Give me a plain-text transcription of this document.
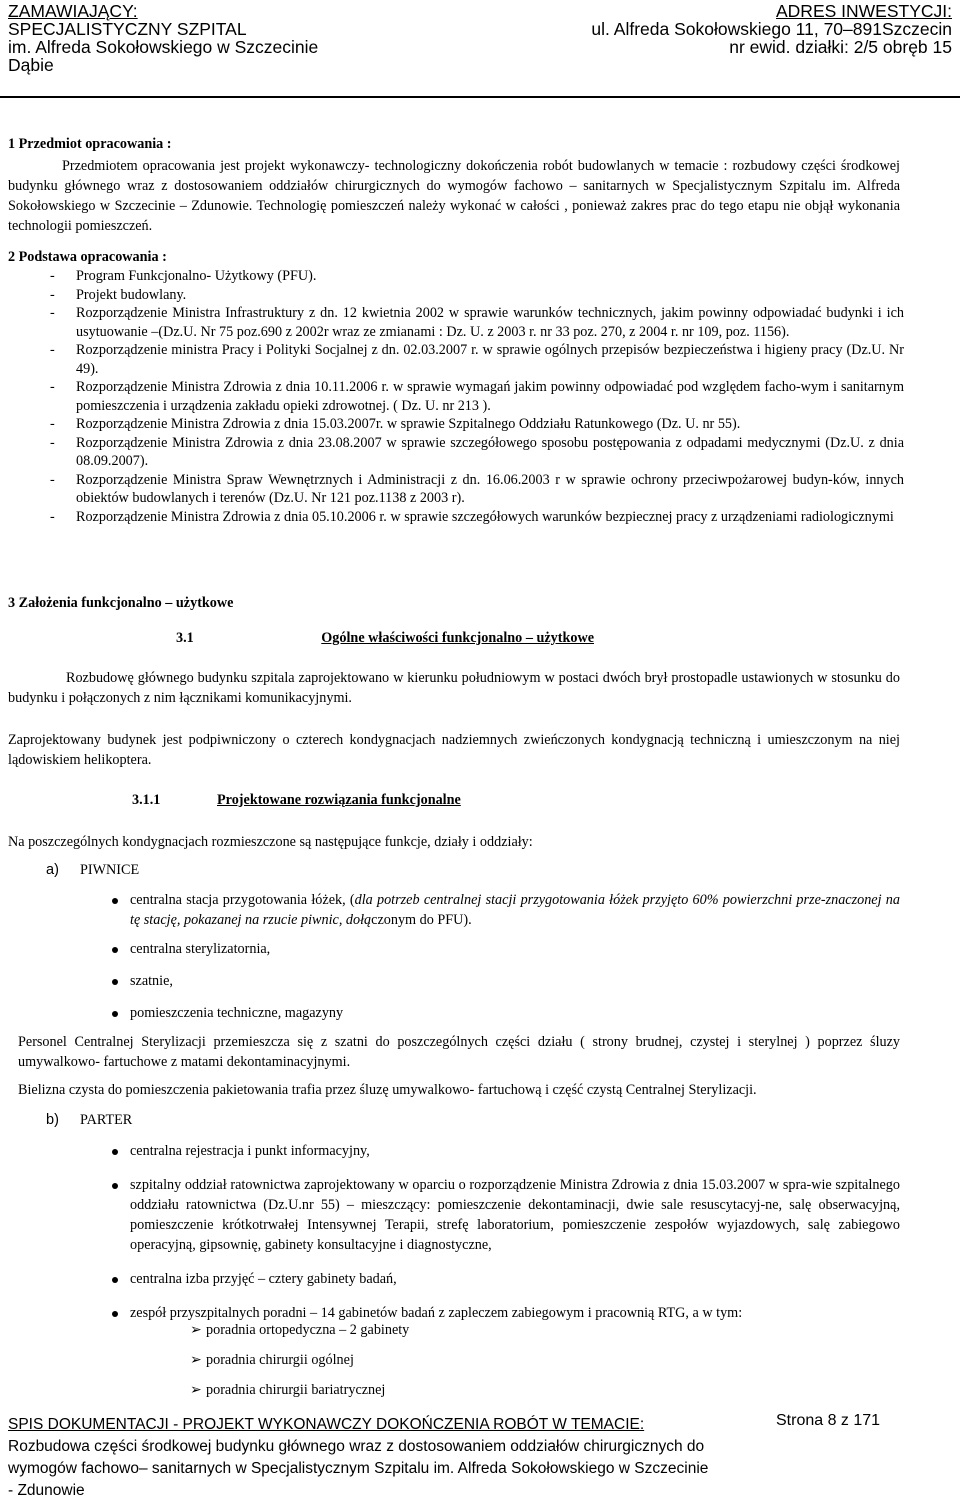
ZAMAWIAJĄCY:
SPECJALISTYCZNY SZPITAL
im. Alfreda Sokołowskiego w Szczecinie
Dąbie
ADRES INWESTYCJI:
ul. Alfreda Sokołowskiego 11, 70–891Szczecin
nr ewid. działki: 2/5 obręb 15
1 Przedmiot opracowania :
Przedmiotem opracowania jest projekt wykonawczy- technologiczny dokończenia robót budowlanych w temacie : rozbudowy części środkowej budynku głównego wraz z dostosowaniem oddziałów chirurgicznych do wymogów fachowo – sanitarnych w Specjalistycznym Szpitalu im. Alfreda Sokołowskiego w Szczecinie – Zdunowie. Technologię pomieszczeń należy wykonać w całości , ponieważ zakres prac do tego etapu nie objął wykonania technologii pomieszczeń.
2 Podstawa opracowania :
- Program Funkcjonalno- Użytkowy (PFU).
- Projekt budowlany.
- Rozporządzenie Ministra Infrastruktury z dn. 12 kwietnia 2002 w sprawie warunków technicznych, jakim powinny odpowiadać budynki i ich usytuowanie –(Dz.U. Nr 75 poz.690 z 2002r wraz ze zmianami : Dz. U. z 2003 r. nr 33 poz. 270, z 2004 r. nr 109, poz. 1156).
- Rozporządzenie ministra Pracy i Polityki Socjalnej z dn. 02.03.2007 r. w sprawie ogólnych przepisów bezpieczeństwa i higieny pracy (Dz.U. Nr 49).
- Rozporządzenie Ministra Zdrowia z dnia 10.11.2006 r. w sprawie wymagań jakim powinny odpowiadać pod względem facho-wym i sanitarnym pomieszczenia i urządzenia zakładu opieki zdrowotnej. ( Dz. U. nr 213 ).
- Rozporządzenie Ministra Zdrowia z dnia 15.03.2007r. w sprawie Szpitalnego Oddziału Ratunkowego (Dz. U. nr 55).
- Rozporządzenie Ministra Zdrowia z dnia 23.08.2007 w sprawie szczegółowego sposobu postępowania z odpadami medycznymi (Dz.U. z dnia 08.09.2007).
- Rozporządzenie Ministra Spraw Wewnętrznych i Administracji z dn. 16.06.2003 r w sprawie ochrony przeciwpożarowej budyn-ków, innych obiektów budowlanych i terenów (Dz.U. Nr 121 poz.1138 z 2003 r).
- Rozporządzenie Ministra Zdrowia z dnia 05.10.2006 r. w sprawie szczegółowych warunków bezpiecznej pracy z urządzeniami radiologicznymi
3 Założenia funkcjonalno – użytkowe
3.1	Ogólne właściwości funkcjonalno – użytkowe
Rozbudowę głównego budynku szpitala zaprojektowano w kierunku południowym w postaci dwóch brył prostopadle ustawionych w stosunku do budynku i połączonych z nim łącznikami komunikacyjnymi.
Zaprojektowany budynek jest podpiwniczony o czterech kondygnacjach nadziemnych zwieńczonych kondygnacją techniczną i umieszczonym na niej lądowiskiem helikoptera.
3.1.1	Projektowane rozwiązania funkcjonalne
Na poszczególnych kondygnacjach rozmieszczone są następujące funkcje, działy i oddziały:
a) PIWNICE
centralna stacja przygotowania łóżek, (dla potrzeb centralnej stacji przygotowania łóżek przyjęto 60% powierzchni prze-znaczonej na tę stację, pokazanej na rzucie piwnic, dołączonym do PFU).
centralna sterylizatornia,
szatnie,
pomieszczenia techniczne, magazyny
Personel Centralnej Sterylizacji przemieszcza się z szatni do poszczególnych części działu ( strony brudnej, czystej i sterylnej ) poprzez śluzy umywalkowo- fartuchowe z matami dekontaminacyjnymi.
Bielizna czysta do pomieszczenia pakietowania trafia przez śluzę umywalkowo- fartuchową i część czystą Centralnej Sterylizacji.
b) PARTER
centralna rejestracja i punkt informacyjny,
szpitalny oddział ratownictwa zaprojektowany w oparciu o rozporządzenie Ministra Zdrowia z dnia 15.03.2007 w spra-wie szpitalnego oddziału ratownictwa (Dz.U.nr 55) – mieszczący: pomieszczenie dekontaminacji, dwie sale resuscytacyj-ne, salę obserwacyjną, pomieszczenie krótkotrwałej Intensywnej Terapii, strefę laboratorium, pomieszczenie zespołów wyjazdowych, salę zabiegowo operacyjną, gipsownię, gabinety konsultacyjne i diagnostyczne,
centralna izba przyjęć – cztery gabinety badań,
zespół przyszpitalnych poradni – 14 gabinetów badań z zapleczem zabiegowym i pracownią RTG, a w tym:
➢ poradnia ortopedyczna – 2 gabinety
➢ poradnia chirurgii ogólnej
➢ poradnia chirurgii bariatrycznej
SPIS DOKUMENTACJI - PROJEKT WYKONAWCZY DOKOŃCZENIA ROBÓT W TEMACIE:
Rozbudowa części środkowej budynku głównego wraz z dostosowaniem oddziałów chirurgicznych do
wymogów fachowo– sanitarnych w Specjalistycznym Szpitalu im. Alfreda Sokołowskiego w Szczecinie
- Zdunowie
Strona 8 z 171
